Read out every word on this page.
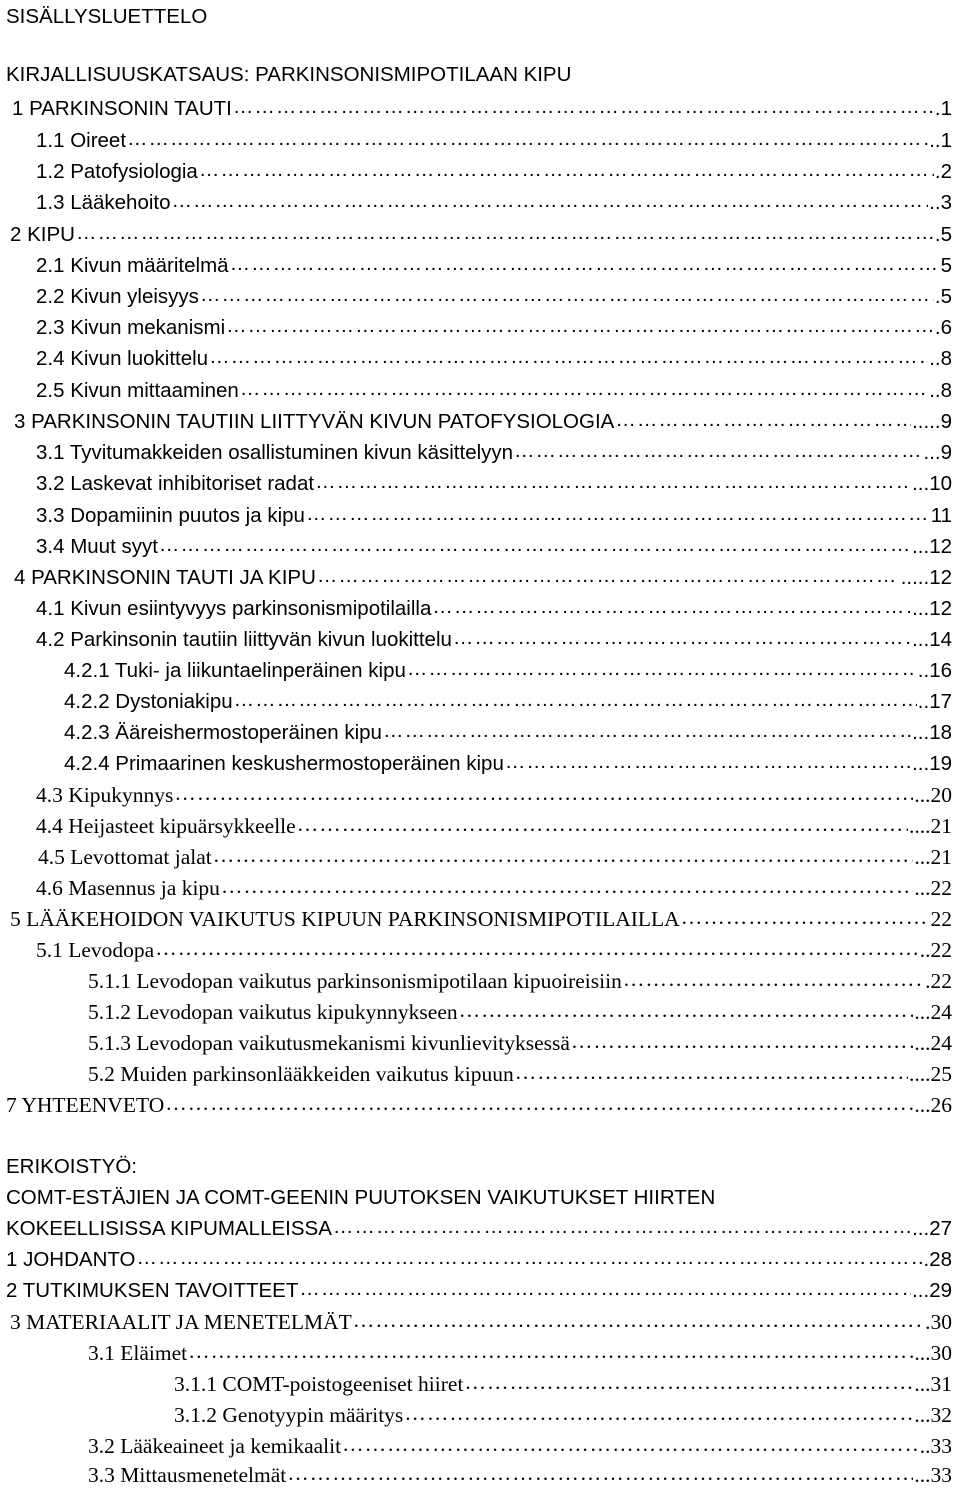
SISÄLLYSLUETTELO
KIRJALLISUUSKATSAUS: PARKINSONISMIPOTILAAN KIPU
1 PARKINSONIN TAUTI …………………………………………………………………………………………………………………………………………………………………………………………	.1
1.1 Oireet …………………………………………………………………………………………………………………………………………………………………………………………	..1
1.2 Patofysiologia …………………………………………………………………………………………………………………………………………………………………………………………	.2
1.3 Lääkehoito …………………………………………………………………………………………………………………………………………………………………………………………	..3
2 KIPU …………………………………………………………………………………………………………………………………………………………………………………………	.5
2.1 Kivun määritelmä …………………………………………………………………………………………………………………………………………………………………………………………	5
2.2 Kivun yleisyys …………………………………………………………………………………………………………………………………………………………………………………………	.5
2.3 Kivun mekanismi …………………………………………………………………………………………………………………………………………………………………………………………	.6
2.4 Kivun luokittelu …………………………………………………………………………………………………………………………………………………………………………………………	..8
2.5 Kivun mittaaminen …………………………………………………………………………………………………………………………………………………………………………………………	..8
3 PARKINSONIN TAUTIIN LIITTYVÄN KIVUN PATOFYSIOLOGIA …………………………………………………………………………………………………………………………………………………………………………………………	.....9
3.1 Tyvitumakkeiden osallistuminen kivun käsittelyyn …………………………………………………………………………………………………………………………………………………………………………………………	...9
3.2 Laskevat inhibitoriset radat …………………………………………………………………………………………………………………………………………………………………………………………	...10
3.3 Dopamiinin puutos ja kipu …………………………………………………………………………………………………………………………………………………………………………………………	11
3.4 Muut syyt …………………………………………………………………………………………………………………………………………………………………………………………	...12
4 PARKINSONIN TAUTI JA KIPU …………………………………………………………………………………………………………………………………………………………………………………………	.....12
4.1 Kivun esiintyvyys parkinsonismipotilailla …………………………………………………………………………………………………………………………………………………………………………………………	...12
4.2 Parkinsonin tautiin liittyvän kivun luokittelu …………………………………………………………………………………………………………………………………………………………………………………………	...14
4.2.1 Tuki- ja liikuntaelinperäinen kipu …………………………………………………………………………………………………………………………………………………………………………………………	..16
4.2.2 Dystoniakipu …………………………………………………………………………………………………………………………………………………………………………………………	..17
4.2.3 Ääreishermostoperäinen kipu …………………………………………………………………………………………………………………………………………………………………………………………	...18
4.2.4 Primaarinen keskushermostoperäinen kipu …………………………………………………………………………………………………………………………………………………………………………………………	...19
4.3 Kipukynnys …………………………………………………………………………………………………………………………………………………………………………………………	...20
4.4 Heijasteet kipuärsykkeelle …………………………………………………………………………………………………………………………………………………………………………………………	....21
4.5 Levottomat jalat …………………………………………………………………………………………………………………………………………………………………………………………	...21
4.6 Masennus ja kipu …………………………………………………………………………………………………………………………………………………………………………………………	...22
5 LÄÄKEHOIDON VAIKUTUS KIPUUN PARKINSONISMIPOTILAILLA …………………………………………………………………………………………………………………………………………………………………………………………	22
5.1 Levodopa …………………………………………………………………………………………………………………………………………………………………………………………	..22
5.1.1 Levodopan vaikutus parkinsonismipotilaan kipuoireisiin …………………………………………………………………………………………………………………………………………………………………………………………	.22
5.1.2 Levodopan vaikutus kipukynnykseen …………………………………………………………………………………………………………………………………………………………………………………………	...24
5.1.3 Levodopan vaikutusmekanismi kivunlievityksessä …………………………………………………………………………………………………………………………………………………………………………………………	...24
5.2 Muiden parkinsonlääkkeiden vaikutus kipuun …………………………………………………………………………………………………………………………………………………………………………………………	....25
7 YHTEENVETO …………………………………………………………………………………………………………………………………………………………………………………………	...26
ERIKOISTYÖ:
COMT-ESTÄJIEN JA COMT-GEENIN PUUTOKSEN VAIKUTUKSET HIIRTEN
KOKEELLISISSA KIPUMALLEISSA …………………………………………………………………………………………………………………………………………………………………………………………	...27
1 JOHDANTO …………………………………………………………………………………………………………………………………………………………………………………………	.28
2 TUTKIMUKSEN TAVOITTEET …………………………………………………………………………………………………………………………………………………………………………………………	...29
3 MATERIAALIT JA MENETELMÄT …………………………………………………………………………………………………………………………………………………………………………………………	.30
3.1 Eläimet …………………………………………………………………………………………………………………………………………………………………………………………	...30
3.1.1 COMT-poistogeeniset hiiret …………………………………………………………………………………………………………………………………………………………………………………………	...31
3.1.2 Genotyypin määritys …………………………………………………………………………………………………………………………………………………………………………………………	...32
3.2 Lääkeaineet ja kemikaalit …………………………………………………………………………………………………………………………………………………………………………………………	..33
3.3 Mittausmenetelmät …………………………………………………………………………………………………………………………………………………………………………………………	...33
